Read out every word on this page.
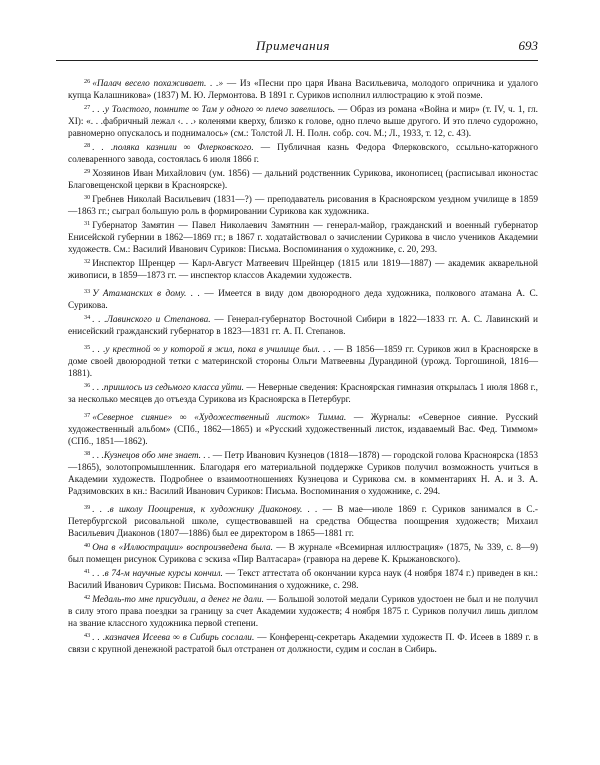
Примечания	693

$^{26}$ «Палач весело похаживает. . .» — Из «Песни про царя Ивана Васильевича, молодого опричника и удалого купца Калашникова» (1837) М. Ю. Лермонтова. В 1891 г. Суриков исполнил иллюстрацию к этой поэме.

$^{27}$ . . .у Толстого, помните ∞ Там у одного ∞ плечо завелилось. — Образ из романа «Война и мир» (т. IV, ч. 1, гл. XI): «. . .фабричный лежал ‹. . .› коленями кверху, близко к голове, одно плечо выше другого. И это плечо судорожно, равномерно опускалось и поднималось» (см.: Толстой Л. Н. Полн. собр. соч. М.; Л., 1933, т. 12, с. 43).

$^{28}$ . . .поляка казнили ∞ Флерковского. — Публичная казнь Федора Флерковского, ссыльно-каторжного солеваренного завода, состоялась 6 июля 1866 г.

$^{29}$ Хозяинов Иван Михайлович (ум. 1856) — дальний родственник Сурикова, иконописец (расписывал иконостас Благовещенской церкви в Красноярске).

$^{30}$ Гребнев Николай Васильевич (1831—?) — преподаватель рисования в Красноярском уездном училище в 1859—1863 гг.; сыграл большую роль в формировании Сурикова как художника.

$^{31}$ Губернатор Замятин — Павел Николаевич Замятнин — генерал-майор, гражданский и военный губернатор Енисейской губернии в 1862—1869 гг.; в 1867 г. ходатайствовал о зачислении Сурикова в число учеников Академии художеств. См.: Василий Иванович Суриков: Письма. Воспоминания о художнике, с. 20, 293.

$^{32}$ Инспектор Шренцер — Карл-Август Матвеевич Шрейнцер (1815 или 1819—1887) — академик акварельной живописи, в 1859—1873 гг. — инспектор классов Академии художеств.

$^{33}$ У Атаманских в дому. . . — Имеется в виду дом двоюродного деда художника, полкового атамана А. С. Сурикова.

$^{34}$ . . .Лавинского и Степанова. — Генерал-губернатор Восточной Сибири в 1822—1833 гг. А. С. Лавинский и енисейский гражданский губернатор в 1823—1831 гг. А. П. Степанов.

$^{35}$ . . .у крестной ∞ у которой я жил, пока в училище был. . . — В 1856—1859 гг. Суриков жил в Красноярске в доме своей двоюродной тетки с материнской стороны Ольги Матвеевны Дурандиной (урожд. Торгошиной, 1816—1881).

$^{36}$ . . .пришлось из седьмого класса уйти. — Неверные сведения: Красноярская гимназия открылась 1 июля 1868 г., за несколько месяцев до отъезда Сурикова из Красноярска в Петербург.

$^{37}$ «Северное сияние» ∞ «Художественный листок» Тимма. — Журналы: «Северное сияние. Русский художественный альбом» (СПб., 1862—1865) и «Русский художественный листок, издаваемый Вас. Фед. Тиммом» (СПб., 1851—1862).

$^{38}$ . . .Кузнецов обо мне знает. . . — Петр Иванович Кузнецов (1818—1878) — городской голова Красноярска (1853—1865), золотопромышленник. Благодаря его материальной поддержке Суриков получил возможность учиться в Академии художеств. Подробнее о взаимоотношениях Кузнецова и Сурикова см. в комментариях Н. А. и З. А. Радзимовских в кн.: Василий Иванович Суриков: Письма. Воспоминания о художнике, с. 294.

$^{39}$ . . .в школу Поощрения, к художнику Диаконову. . . — В мае—июле 1869 г. Суриков занимался в С.-Петербургской рисовальной школе, существовавшей на средства Общества поощрения художеств; Михаил Васильевич Диаконов (1807—1886) был ее директором в 1865—1881 гг.

$^{40}$ Она в «Иллюстрации» воспроизведена была. — В журнале «Всемирная иллюстрация» (1875, № 339, с. 8—9) был помещен рисунок Сурикова с эскиза «Пир Валтасара» (гравюра на дереве К. Крыжановского).

$^{41}$ . . .в 74-м научные курсы кончил. — Текст аттестата об окончании курса наук (4 ноября 1874 г.) приведен в кн.: Василий Иванович Суриков: Письма. Воспоминания о художнике, с. 298.

$^{42}$ Медаль-то мне присудили, а денег не дали. — Большой золотой медали Суриков удостоен не был и не получил в силу этого права поездки за границу за счет Академии художеств; 4 ноября 1875 г. Суриков получил лишь диплом на звание классного художника первой степени.

$^{43}$ . . .казначея Исеева ∞ в Сибирь сослали. — Конференц-секретарь Академии художеств П. Ф. Исеев в 1889 г. в связи с крупной денежной растратой был отстранен от должности, судим и сослан в Сибирь.
